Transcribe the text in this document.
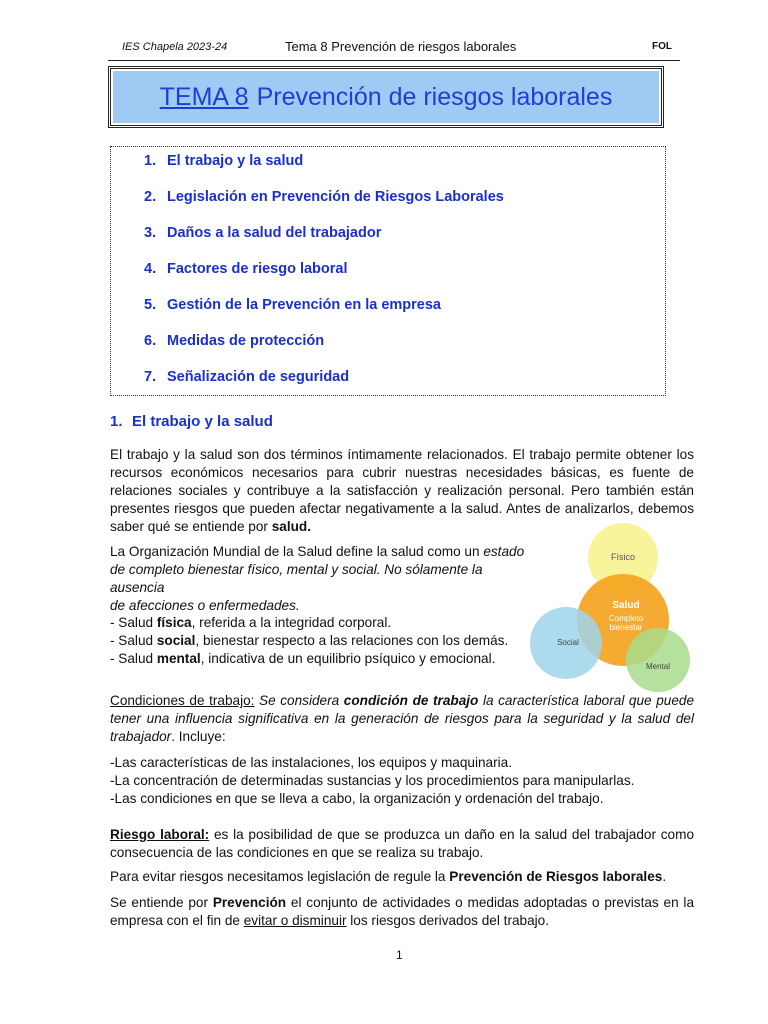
IES Chapela 2023-24	Tema 8 Prevención de riesgos laborales	FOL
TEMA 8 Prevención de riesgos laborales
1. El trabajo y la salud
2. Legislación en Prevención de Riesgos Laborales
3. Daños a la salud del trabajador
4. Factores de riesgo laboral
5. Gestión de la Prevención en la empresa
6. Medidas de protección
7. Señalización de seguridad
1. El trabajo y la salud
El trabajo y la salud son dos términos íntimamente relacionados. El trabajo permite obtener los recursos económicos necesarios para cubrir nuestras necesidades básicas, es fuente de relaciones sociales y contribuye a la satisfacción y realización personal. Pero también están presentes riesgos que pueden afectar negativamente a la salud. Antes de analizarlos, debemos saber qué se entiende por salud.
La Organización Mundial de la Salud define la salud como un estado
de completo bienestar físico, mental y social. No sólamente la ausencia
de afecciones o enfermedades.
- Salud física, referida a la integridad corporal.
- Salud social, bienestar respecto a las relaciones con los demás.
- Salud mental, indicativa de un equilibrio psíquico y emocional.
Físico
Salud
Completo
bienestar
Social
Mental
Condiciones de trabajo: Se considera condición de trabajo la característica laboral que puede tener una influencia significativa en la generación de riesgos para la seguridad y la salud del trabajador. Incluye:
-Las características de las instalaciones, los equipos y maquinaria.
-La concentración de determinadas sustancias y los procedimientos para manipularlas.
-Las condiciones en que se lleva a cabo, la organización y ordenación del trabajo.
Riesgo laboral: es la posibilidad de que se produzca un daño en la salud del trabajador como consecuencia de las condiciones en que se realiza su trabajo.
Para evitar riesgos necesitamos legislación de regule la Prevención de Riesgos laborales.
Se entiende por Prevención el conjunto de actividades o medidas adoptadas o previstas en la empresa con el fin de evitar o disminuir los riesgos derivados del trabajo.
1
